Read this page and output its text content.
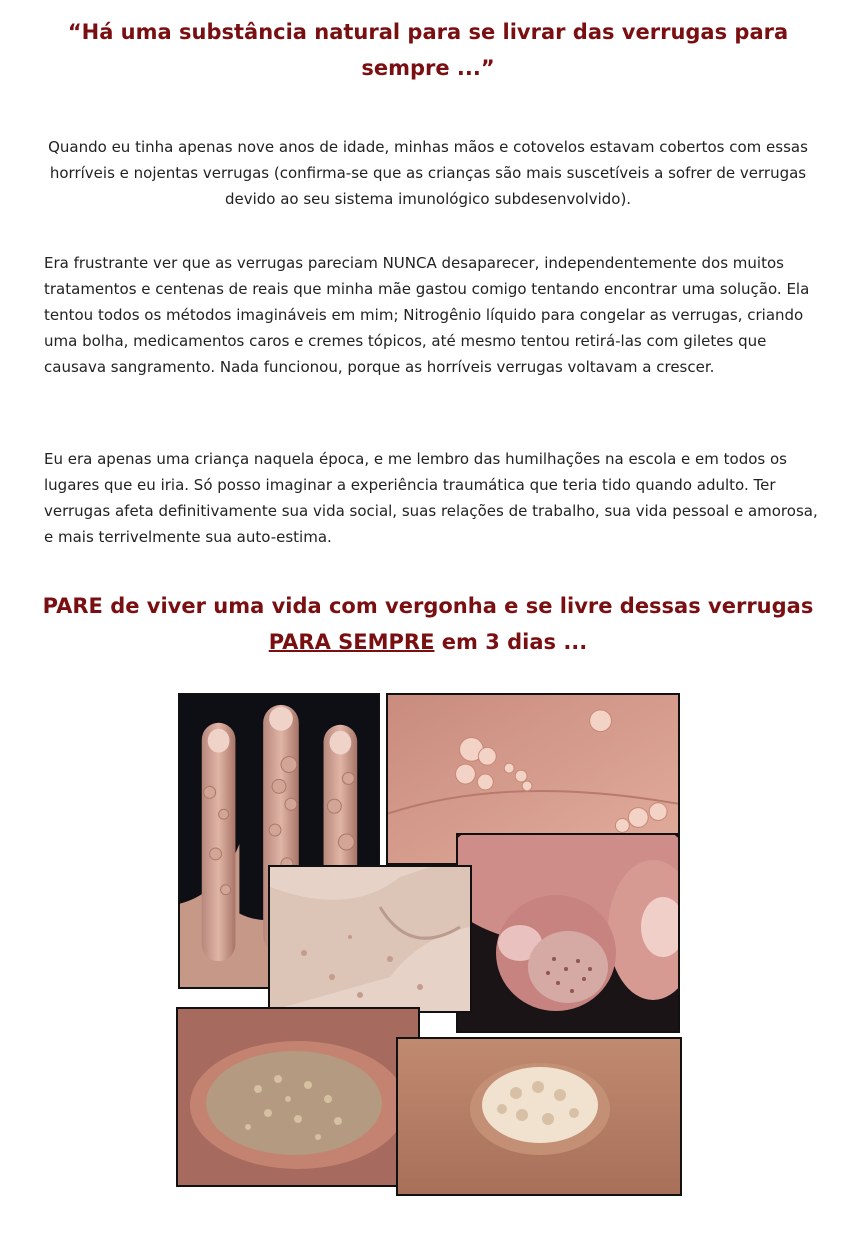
“Há uma substância natural para se livrar das verrugas para sempre ...”

Quando eu tinha apenas nove anos de idade, minhas mãos e cotovelos estavam cobertos com essas horríveis e nojentas verrugas (confirma-se que as crianças são mais suscetíveis a sofrer de verrugas devido ao seu sistema imunológico subdesenvolvido).

Era frustrante ver que as verrugas pareciam NUNCA desaparecer, independentemente dos muitos tratamentos e centenas de reais que minha mãe gastou comigo tentando encontrar uma solução. Ela tentou todos os métodos imagináveis em mim; Nitrogênio líquido para congelar as verrugas, criando uma bolha, medicamentos caros e cremes tópicos, até mesmo tentou retirá-las com giletes que causava sangramento. Nada funcionou, porque as horríveis verrugas voltavam a crescer.

Eu era apenas uma criança naquela época, e me lembro das humilhações na escola e em todos os lugares que eu iria. Só posso imaginar a experiência traumática que teria tido quando adulto. Ter verrugas afeta definitivamente sua vida social, suas relações de trabalho, sua vida pessoal e amorosa, e mais terrivelmente sua auto-estima.

PARE de viver uma vida com vergonha e se livre dessas verrugas
PARA SEMPRE em 3 dias ...
